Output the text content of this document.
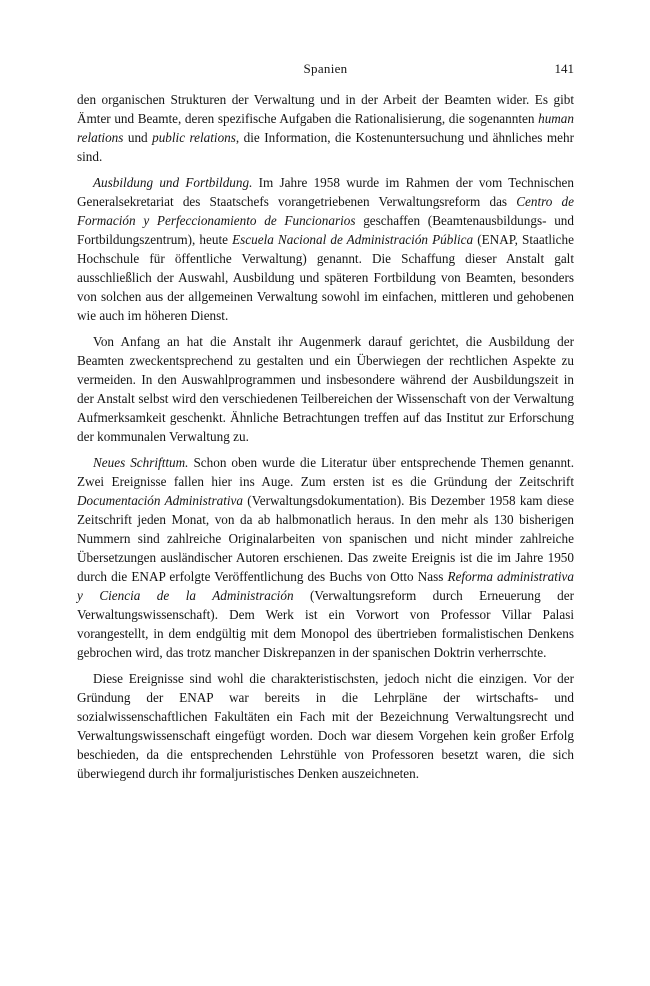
Spanien	141

den organischen Strukturen der Verwaltung und in der Arbeit der Beamten wider. Es gibt Ämter und Beamte, deren spezifische Aufgaben die Rationalisierung, die sogenannten human relations und public relations, die Information, die Kostenuntersuchung und ähnliches mehr sind.

Ausbildung und Fortbildung. Im Jahre 1958 wurde im Rahmen der vom Technischen Generalsekretariat des Staatschefs vorangetriebenen Verwaltungsreform das Centro de Formación y Perfeccionamiento de Funcionarios geschaffen (Beamtenausbildungs- und Fortbildungszentrum), heute Escuela Nacional de Administración Pública (ENAP, Staatliche Hochschule für öffentliche Verwaltung) genannt. Die Schaffung dieser Anstalt galt ausschließlich der Auswahl, Ausbildung und späteren Fortbildung von Beamten, besonders von solchen aus der allgemeinen Verwaltung sowohl im einfachen, mittleren und gehobenen wie auch im höheren Dienst.

Von Anfang an hat die Anstalt ihr Augenmerk darauf gerichtet, die Ausbildung der Beamten zweckentsprechend zu gestalten und ein Überwiegen der rechtlichen Aspekte zu vermeiden. In den Auswahlprogrammen und insbesondere während der Ausbildungszeit in der Anstalt selbst wird den verschiedenen Teilbereichen der Wissenschaft von der Verwaltung Aufmerksamkeit geschenkt. Ähnliche Betrachtungen treffen auf das Institut zur Erforschung der kommunalen Verwaltung zu.

Neues Schrifttum. Schon oben wurde die Literatur über entsprechende Themen genannt. Zwei Ereignisse fallen hier ins Auge. Zum ersten ist es die Gründung der Zeitschrift Documentación Administrativa (Verwaltungsdokumentation). Bis Dezember 1958 kam diese Zeitschrift jeden Monat, von da ab halbmonatlich heraus. In den mehr als 130 bisherigen Nummern sind zahlreiche Originalarbeiten von spanischen und nicht minder zahlreiche Übersetzungen ausländischer Autoren erschienen. Das zweite Ereignis ist die im Jahre 1950 durch die ENAP erfolgte Veröffentlichung des Buchs von Otto Nass Reforma administrativa y Ciencia de la Administración (Verwaltungsreform durch Erneuerung der Verwaltungswissenschaft). Dem Werk ist ein Vorwort von Professor Villar Palasi vorangestellt, in dem endgültig mit dem Monopol des übertrieben formalistischen Denkens gebrochen wird, das trotz mancher Diskrepanzen in der spanischen Doktrin verherrschte.

Diese Ereignisse sind wohl die charakteristischsten, jedoch nicht die einzigen. Vor der Gründung der ENAP war bereits in die Lehrpläne der wirtschafts- und sozialwissenschaftlichen Fakultäten ein Fach mit der Bezeichnung Verwaltungsrecht und Verwaltungswissenschaft eingefügt worden. Doch war diesem Vorgehen kein großer Erfolg beschieden, da die entsprechenden Lehrstühle von Professoren besetzt waren, die sich überwiegend durch ihr formaljuristisches Denken auszeichneten.
